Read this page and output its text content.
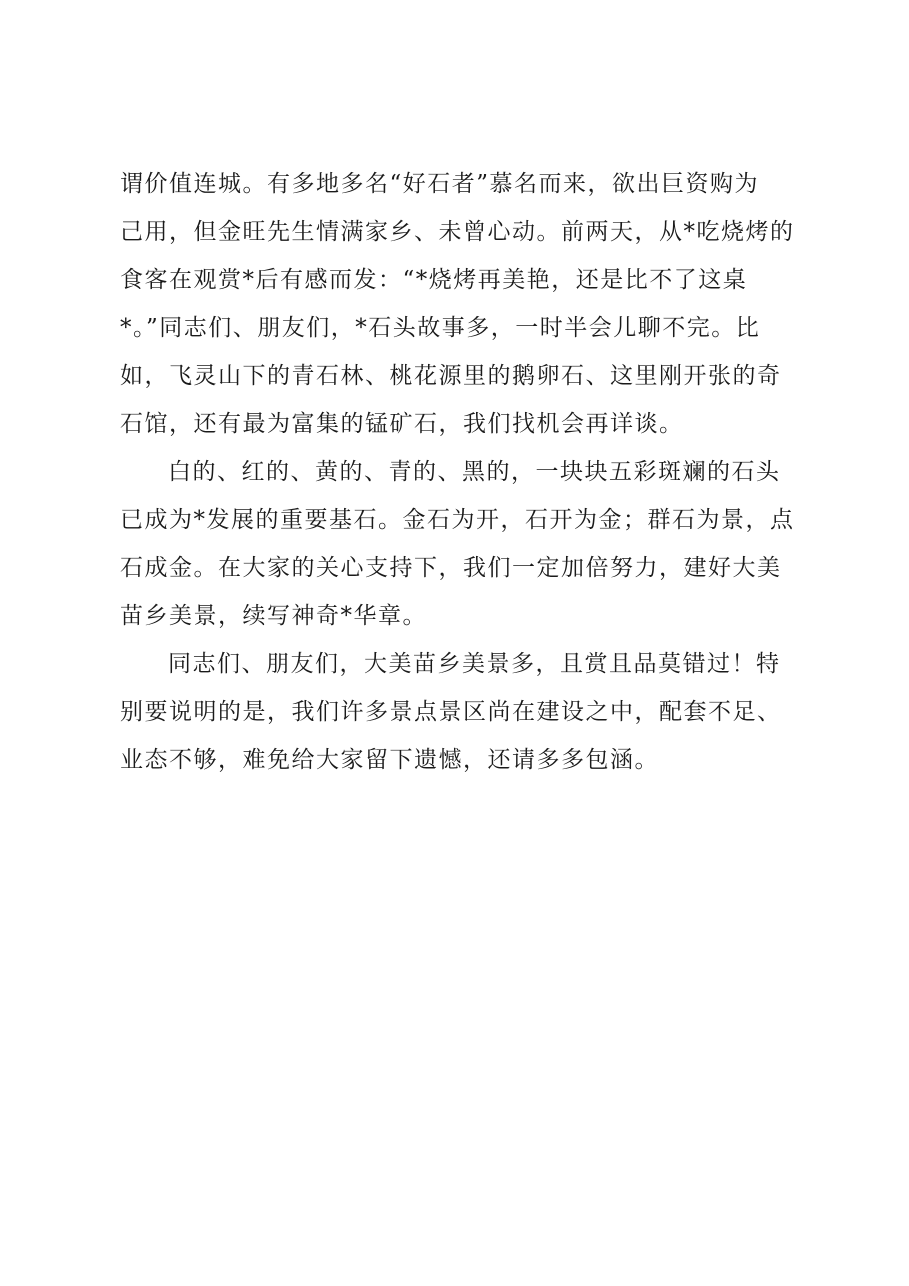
谓价值连城。有多地多名“好石者”慕名而来，欲出巨资购为
己用，但金旺先生情满家乡、未曾心动。前两天，从*吃烧烤的
食客在观赏*后有感而发：“*烧烤再美艳，还是比不了这桌
*。”同志们、朋友们，*石头故事多，一时半会儿聊不完。比
如，飞灵山下的青石林、桃花源里的鹅卵石、这里刚开张的奇
石馆，还有最为富集的锰矿石，我们找机会再详谈。
白的、红的、黄的、青的、黑的，一块块五彩斑斓的石头
已成为*发展的重要基石。金石为开，石开为金；群石为景，点
石成金。在大家的关心支持下，我们一定加倍努力，建好大美
苗乡美景，续写神奇*华章。
同志们、朋友们，大美苗乡美景多，且赏且品莫错过！特
别要说明的是，我们许多景点景区尚在建设之中，配套不足、
业态不够，难免给大家留下遗憾，还请多多包涵。
